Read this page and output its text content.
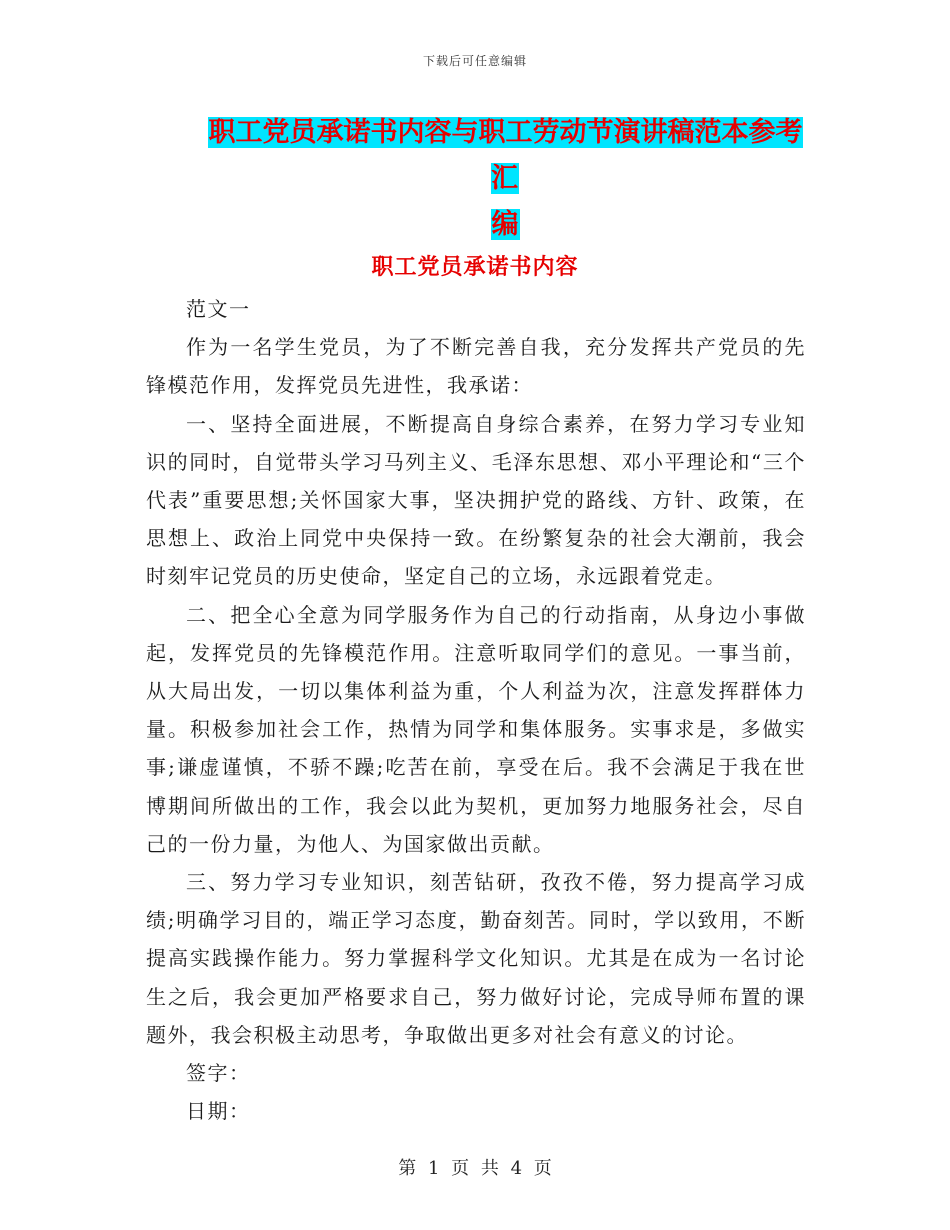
下载后可任意编辑
职工党员承诺书内容与职工劳动节演讲稿范本参考汇
编
职工党员承诺书内容

范文一

作为一名学生党员，为了不断完善自我，充分发挥共产党员的先锋模范作用，发挥党员先进性，我承诺：

一、坚持全面进展，不断提高自身综合素养，在努力学习专业知识的同时，自觉带头学习马列主义、毛泽东思想、邓小平理论和“三个代表”重要思想;关怀国家大事，坚决拥护党的路线、方针、政策，在思想上、政治上同党中央保持一致。在纷繁复杂的社会大潮前，我会时刻牢记党员的历史使命，坚定自己的立场，永远跟着党走。

二、把全心全意为同学服务作为自己的行动指南，从身边小事做起，发挥党员的先锋模范作用。注意听取同学们的意见。一事当前，从大局出发，一切以集体利益为重，个人利益为次，注意发挥群体力量。积极参加社会工作，热情为同学和集体服务。实事求是，多做实事;谦虚谨慎，不骄不躁;吃苦在前，享受在后。我不会满足于我在世博期间所做出的工作，我会以此为契机，更加努力地服务社会，尽自己的一份力量，为他人、为国家做出贡献。

三、努力学习专业知识，刻苦钻研，孜孜不倦，努力提高学习成绩;明确学习目的，端正学习态度，勤奋刻苦。同时，学以致用，不断提高实践操作能力。努力掌握科学文化知识。尤其是在成为一名讨论生之后，我会更加严格要求自己，努力做好讨论，完成导师布置的课题外，我会积极主动思考，争取做出更多对社会有意义的讨论。

签字：

日期：

第 1 页 共 4 页
